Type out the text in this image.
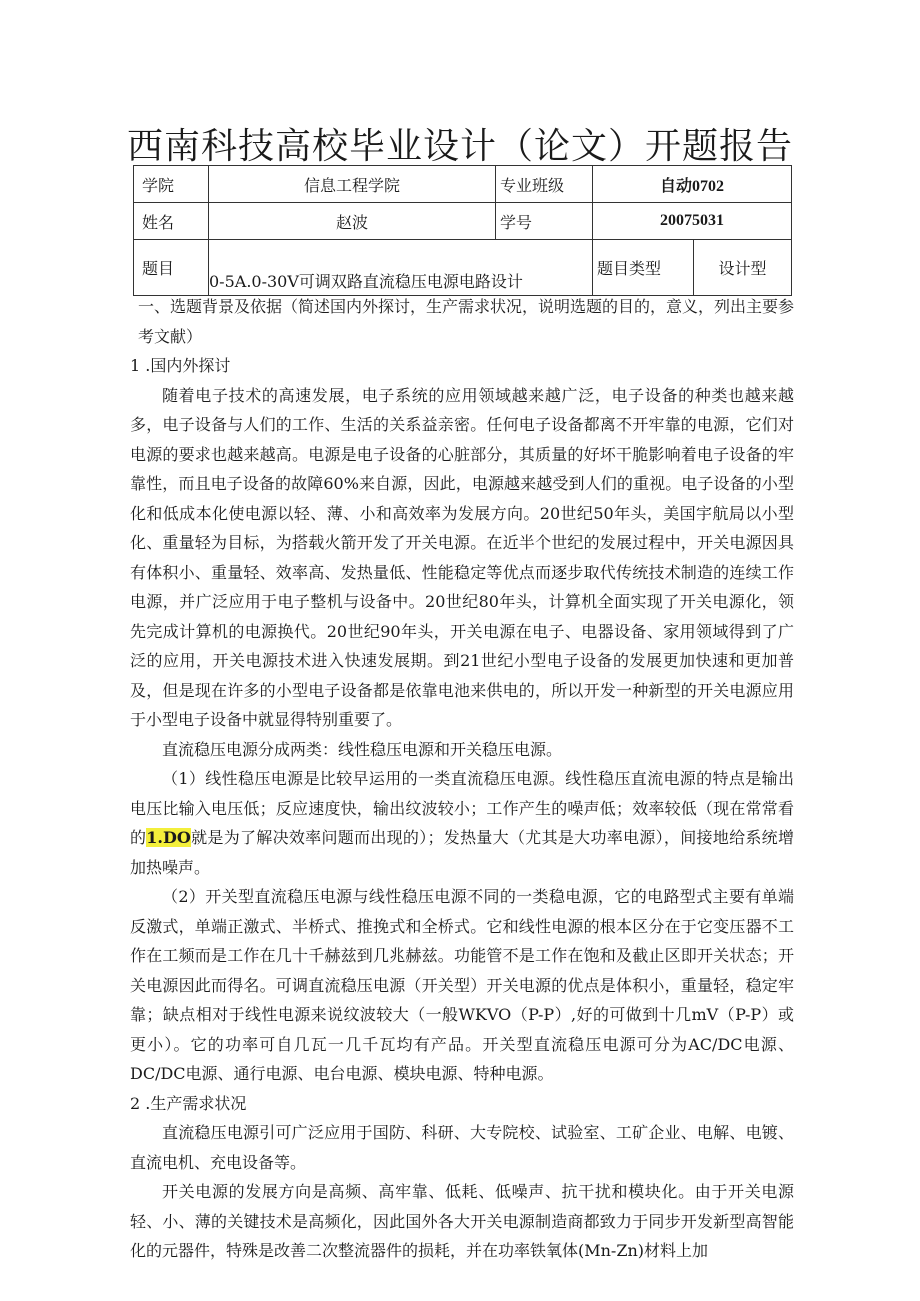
西南科技高校毕业设计（论文）开题报告
学院	信息工程学院	专业班级	自动0702	
姓名	赵波	学号	20075031	
题目	0-5A.0-30V可调双路直流稳压电源电路设计		题目类型	设计型

一、选题背景及依据（简述国内外探讨，生产需求状况，说明选题的目的，意义，列出主要参考文献）

1 .国内外探讨

随着电子技术的高速发展，电子系统的应用领域越来越广泛，电子设备的种类也越来越多，电子设备与人们的工作、生活的关系益亲密。任何电子设备都离不开牢靠的电源，它们对电源的要求也越来越高。电源是电子设备的心脏部分，其质量的好坏干脆影响着电子设备的牢靠性，而且电子设备的故障60%来自源，因此，电源越来越受到人们的重视。电子设备的小型化和低成本化使电源以轻、薄、小和高效率为发展方向。20世纪50年头，美国宇航局以小型化、重量轻为目标，为搭载火箭开发了开关电源。在近半个世纪的发展过程中，开关电源因具有体积小、重量轻、效率高、发热量低、性能稳定等优点而逐步取代传统技术制造的连续工作电源，并广泛应用于电子整机与设备中。20世纪80年头，计算机全面实现了开关电源化，领先完成计算机的电源换代。20世纪90年头，开关电源在电子、电器设备、家用领域得到了广泛的应用，开关电源技术进入快速发展期。到21世纪小型电子设备的发展更加快速和更加普及，但是现在许多的小型电子设备都是依靠电池来供电的，所以开发一种新型的开关电源应用于小型电子设备中就显得特别重要了。

直流稳压电源分成两类：线性稳压电源和开关稳压电源。

（1）线性稳压电源是比较早运用的一类直流稳压电源。线性稳压直流电源的特点是输出电压比输入电压低；反应速度快，输出纹波较小；工作产生的噪声低；效率较低（现在常常看的1.DO就是为了解决效率问题而出现的）；发热量大（尤其是大功率电源），间接地给系统增加热噪声。

（2）开关型直流稳压电源与线性稳压电源不同的一类稳电源，它的电路型式主要有单端反激式，单端正激式、半桥式、推挽式和全桥式。它和线性电源的根本区分在于它变压器不工作在工频而是工作在几十千赫兹到几兆赫兹。功能管不是工作在饱和及截止区即开关状态；开关电源因此而得名。可调直流稳压电源（开关型）开关电源的优点是体积小，重量轻，稳定牢靠；缺点相对于线性电源来说纹波较大（一般WKVO（P-P）,好的可做到十几mV（P-P）或更小）。它的功率可自几瓦一几千瓦均有产品。开关型直流稳压电源可分为AC/DC电源、DC/DC电源、通行电源、电台电源、模块电源、特种电源。

2 .生产需求状况

直流稳压电源引可广泛应用于国防、科研、大专院校、试验室、工矿企业、电解、电镀、直流电机、充电设备等。

开关电源的发展方向是高频、高牢靠、低耗、低噪声、抗干扰和模块化。由于开关电源轻、小、薄的关键技术是高频化，因此国外各大开关电源制造商都致力于同步开发新型高智能化的元器件，特殊是改善二次整流器件的损耗，并在功率铁氧体(Mn-Zn)材料上加
